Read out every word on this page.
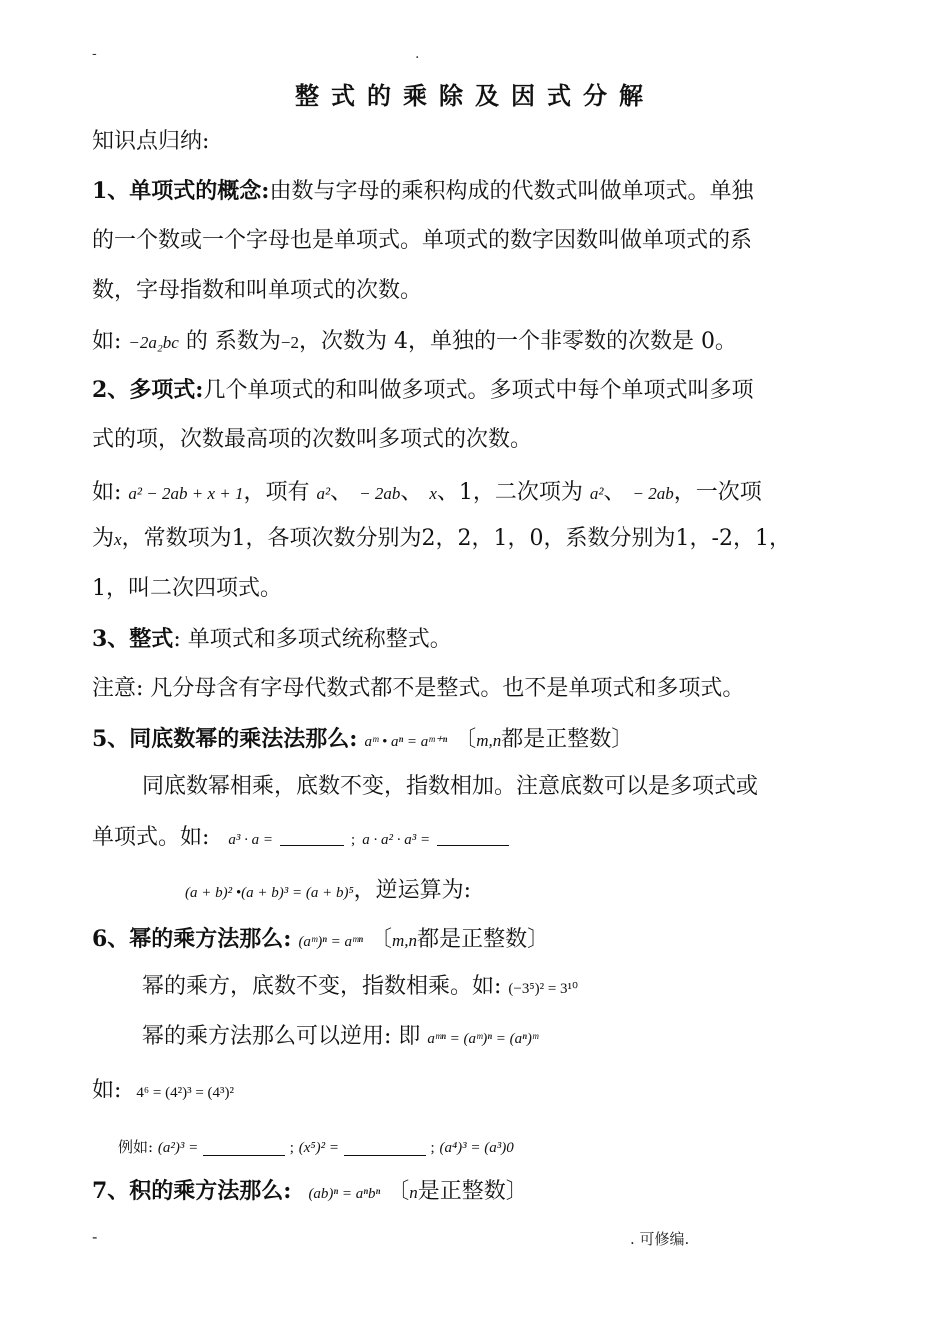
-	.
整式的乘除及因式分解
知识点归纳:
1、单项式的概念:由数与字母的乘积构成的代数式叫做单项式。单独
的一个数或一个字母也是单项式。单项式的数字因数叫做单项式的系
数，字母指数和叫单项式的次数。
如: −2a₂bc 的 系数为−2，次数为 4，单独的一个非零数的次数是 0。
2、多项式:几个单项式的和叫做多项式。多项式中每个单项式叫多项
式的项，次数最高项的次数叫多项式的次数。
如: a² − 2ab + x + 1，项有 a²、 − 2ab、 x、1，二次项为 a²、 − 2ab，一次项
为x，常数项为1，各项次数分别为2，2，1，0，系数分别为1，-2，1，
1，叫二次四项式。
3、整式: 单项式和多项式统称整式。
注意: 凡分母含有字母代数式都不是整式。也不是单项式和多项式。
5、同底数幂的乘法法那么: aᵐ • aⁿ = aᵐ⁺ⁿ 〔m,n都是正整数〕
同底数幂相乘，底数不变，指数相加。注意底数可以是多项式或
单项式。如: a³ · a =	; a · a² · a³ =
(a + b)² •(a + b)³ = (a + b)⁵，逆运算为:
6、幂的乘方法那么: (aᵐ)ⁿ = aᵐⁿ 〔m,n都是正整数〕
幂的乘方，底数不变，指数相乘。如: (−3⁵)² = 3¹⁰
幂的乘方法那么可以逆用: 即 aᵐⁿ = (aᵐ)ⁿ = (aⁿ)ᵐ
如: 4⁶ = (4²)³ = (4³)²
例如: (a²)³ =	; (x⁵)² =	; (a⁴)³ = (a³)0
7、积的乘方法那么: (ab)ⁿ = aⁿbⁿ 〔n是正整数〕
-	. 可修编.
